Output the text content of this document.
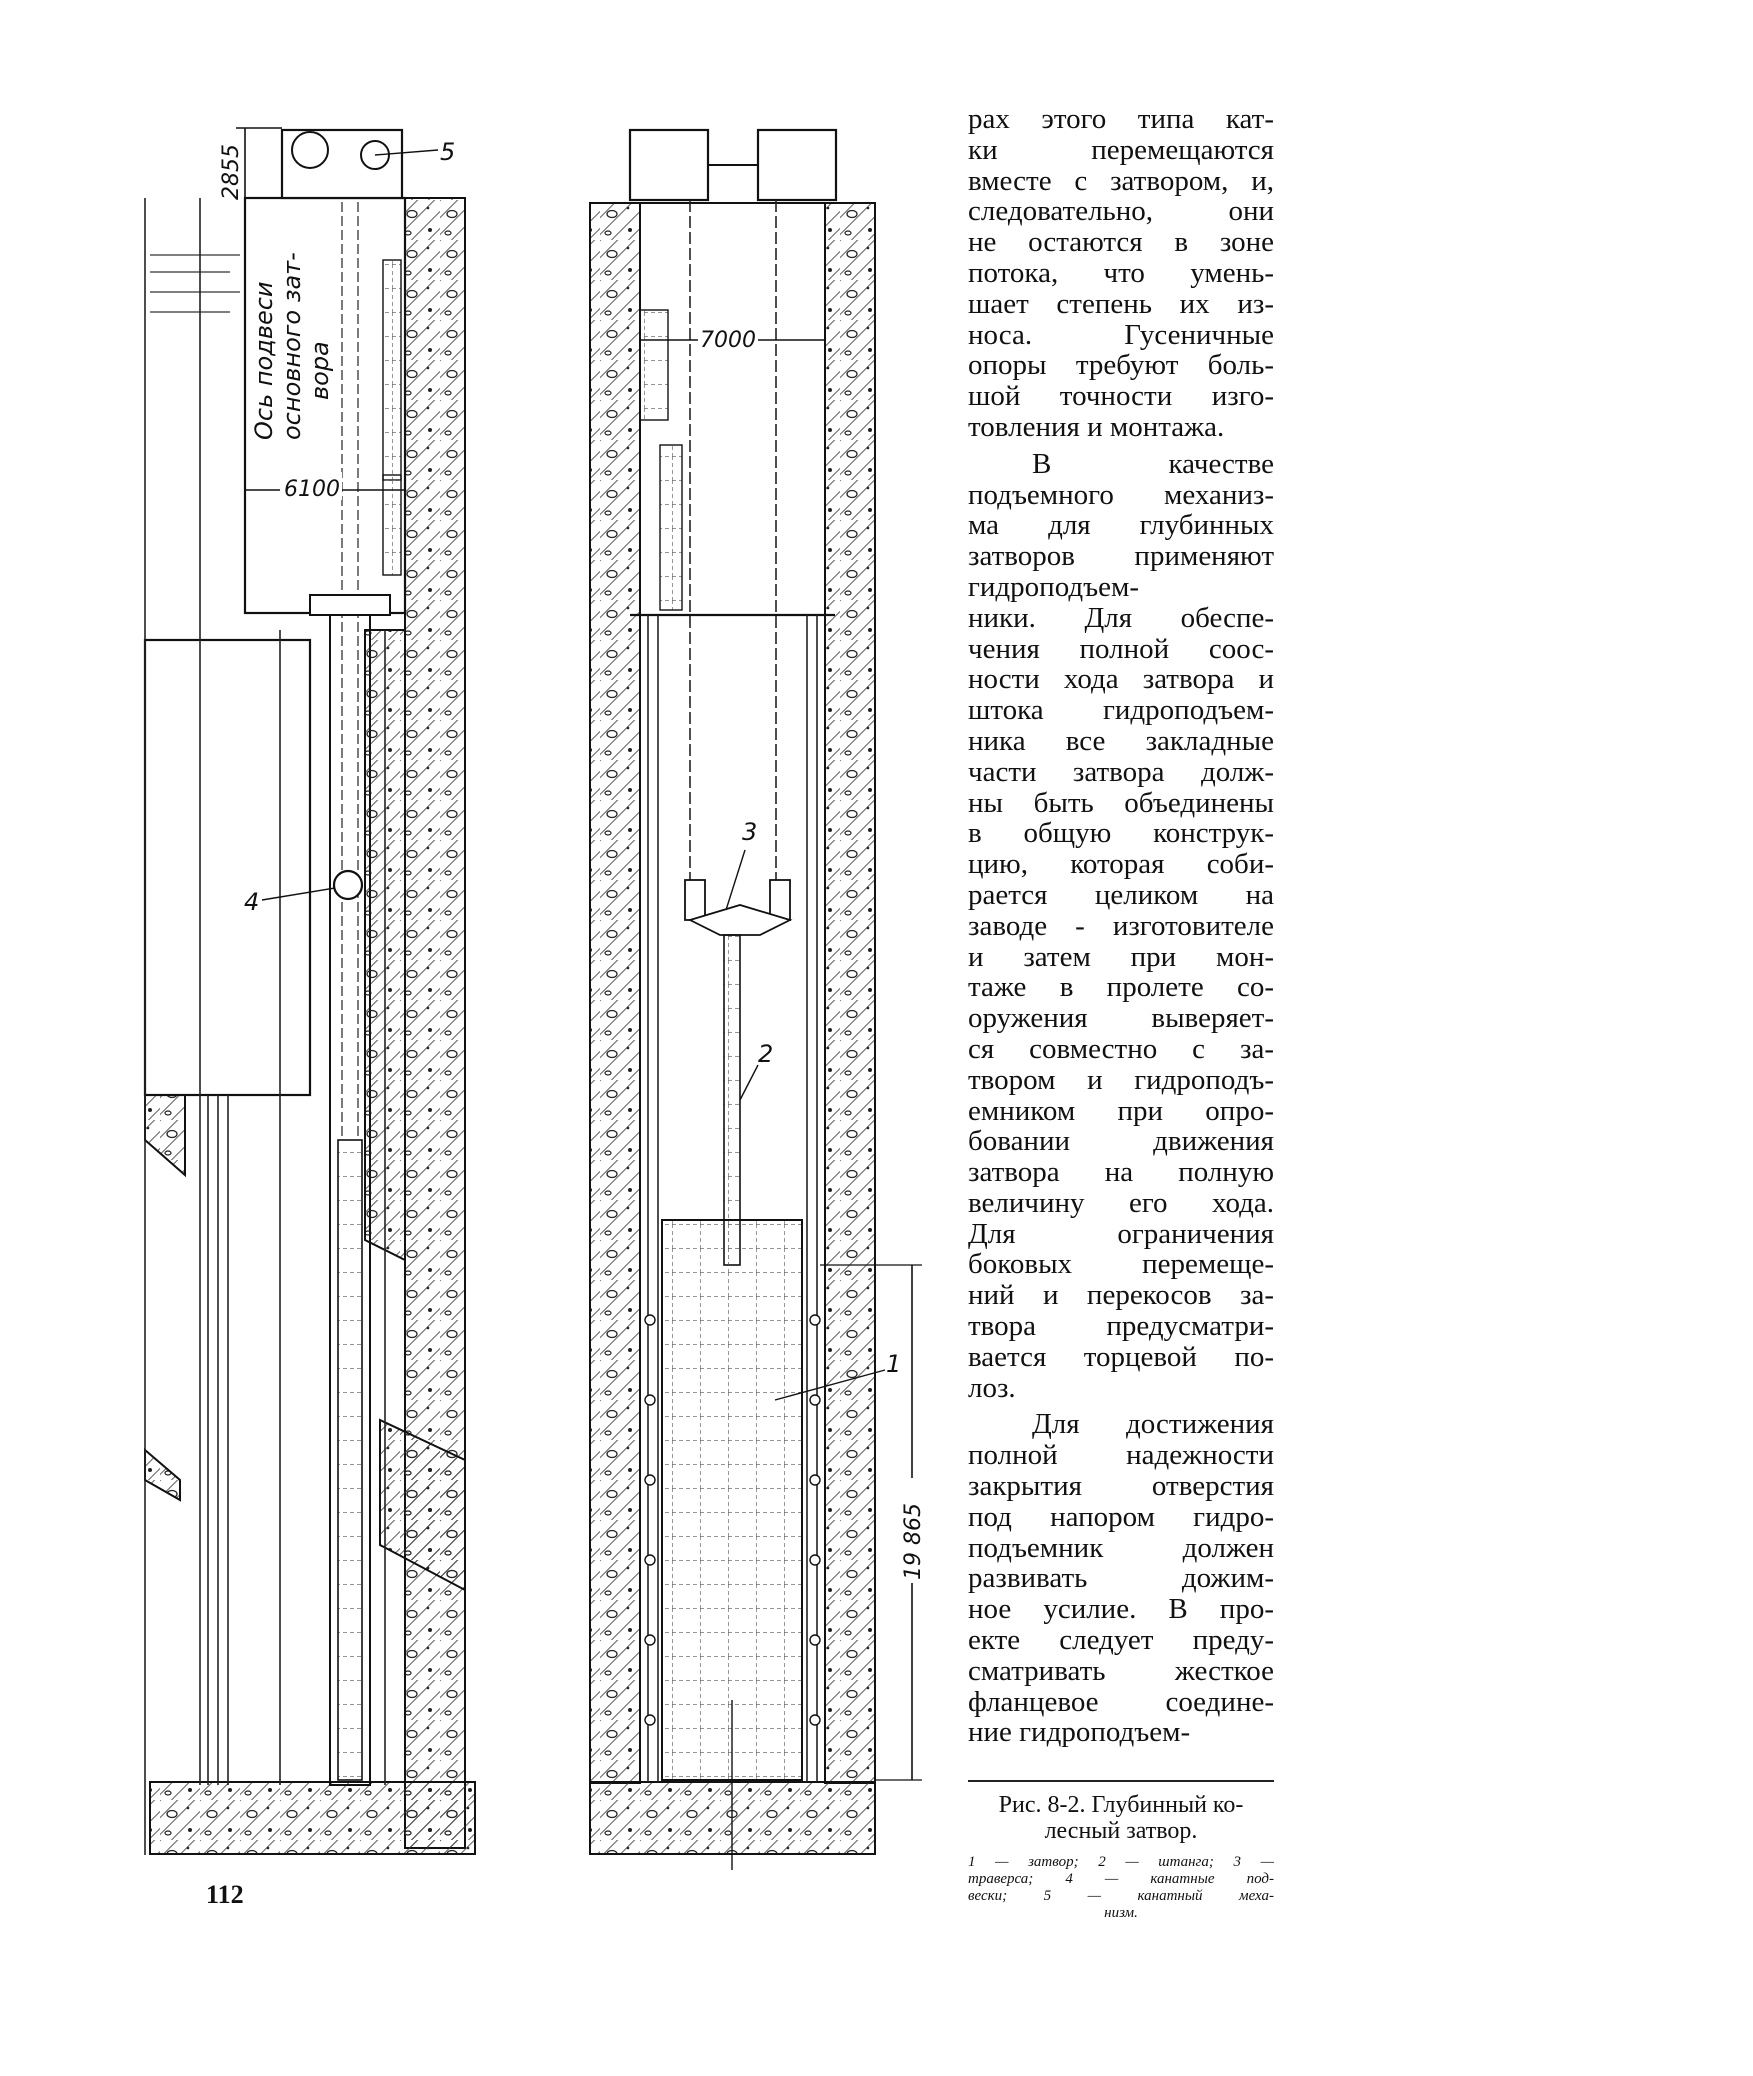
2855
6100
Ось подвеси основного зат- вора
5
4
7000
19 865
3
2
1
рах этого типа кат-
ки перемещаются
вместе с затвором, и,
следовательно, они
не остаются в зоне
потока, что умень-
шает степень их из-
носа. Гусеничные
опоры требуют боль-
шой точности изго-
товления и монтажа.
В качестве
подъемного механиз-
ма для глубинных
затворов применяют
гидроподъем-
ники. Для обеспе-
чения полной соос-
ности хода затвора и
штока гидроподъем-
ника все закладные
части затвора долж-
ны быть объединены
в общую конструк-
цию, которая соби-
рается целиком на
заводе - изготовителе
и затем при мон-
таже в пролете со-
оружения выверяет-
ся совместно с за-
твором и гидроподъ-
емником при опро-
бовании движения
затвора на полную
величину его хода.
Для ограничения
боковых перемеще-
ний и перекосов за-
твора предусматри-
вается торцевой по-
лоз.
Для достижения
полной надежности
закрытия отверстия
под напором гидро-
подъемник должен
развивать дожим-
ное усилие. В про-
екте следует преду-
сматривать жесткое
фланцевое соедине-
ние гидроподъем-
Рис. 8-2. Глубинный ко-
лесный затвор.
1 — затвор; 2 — штанга; 3 —
траверса; 4 — канатные под-
вески; 5 — канатный меха-
низм.
112
